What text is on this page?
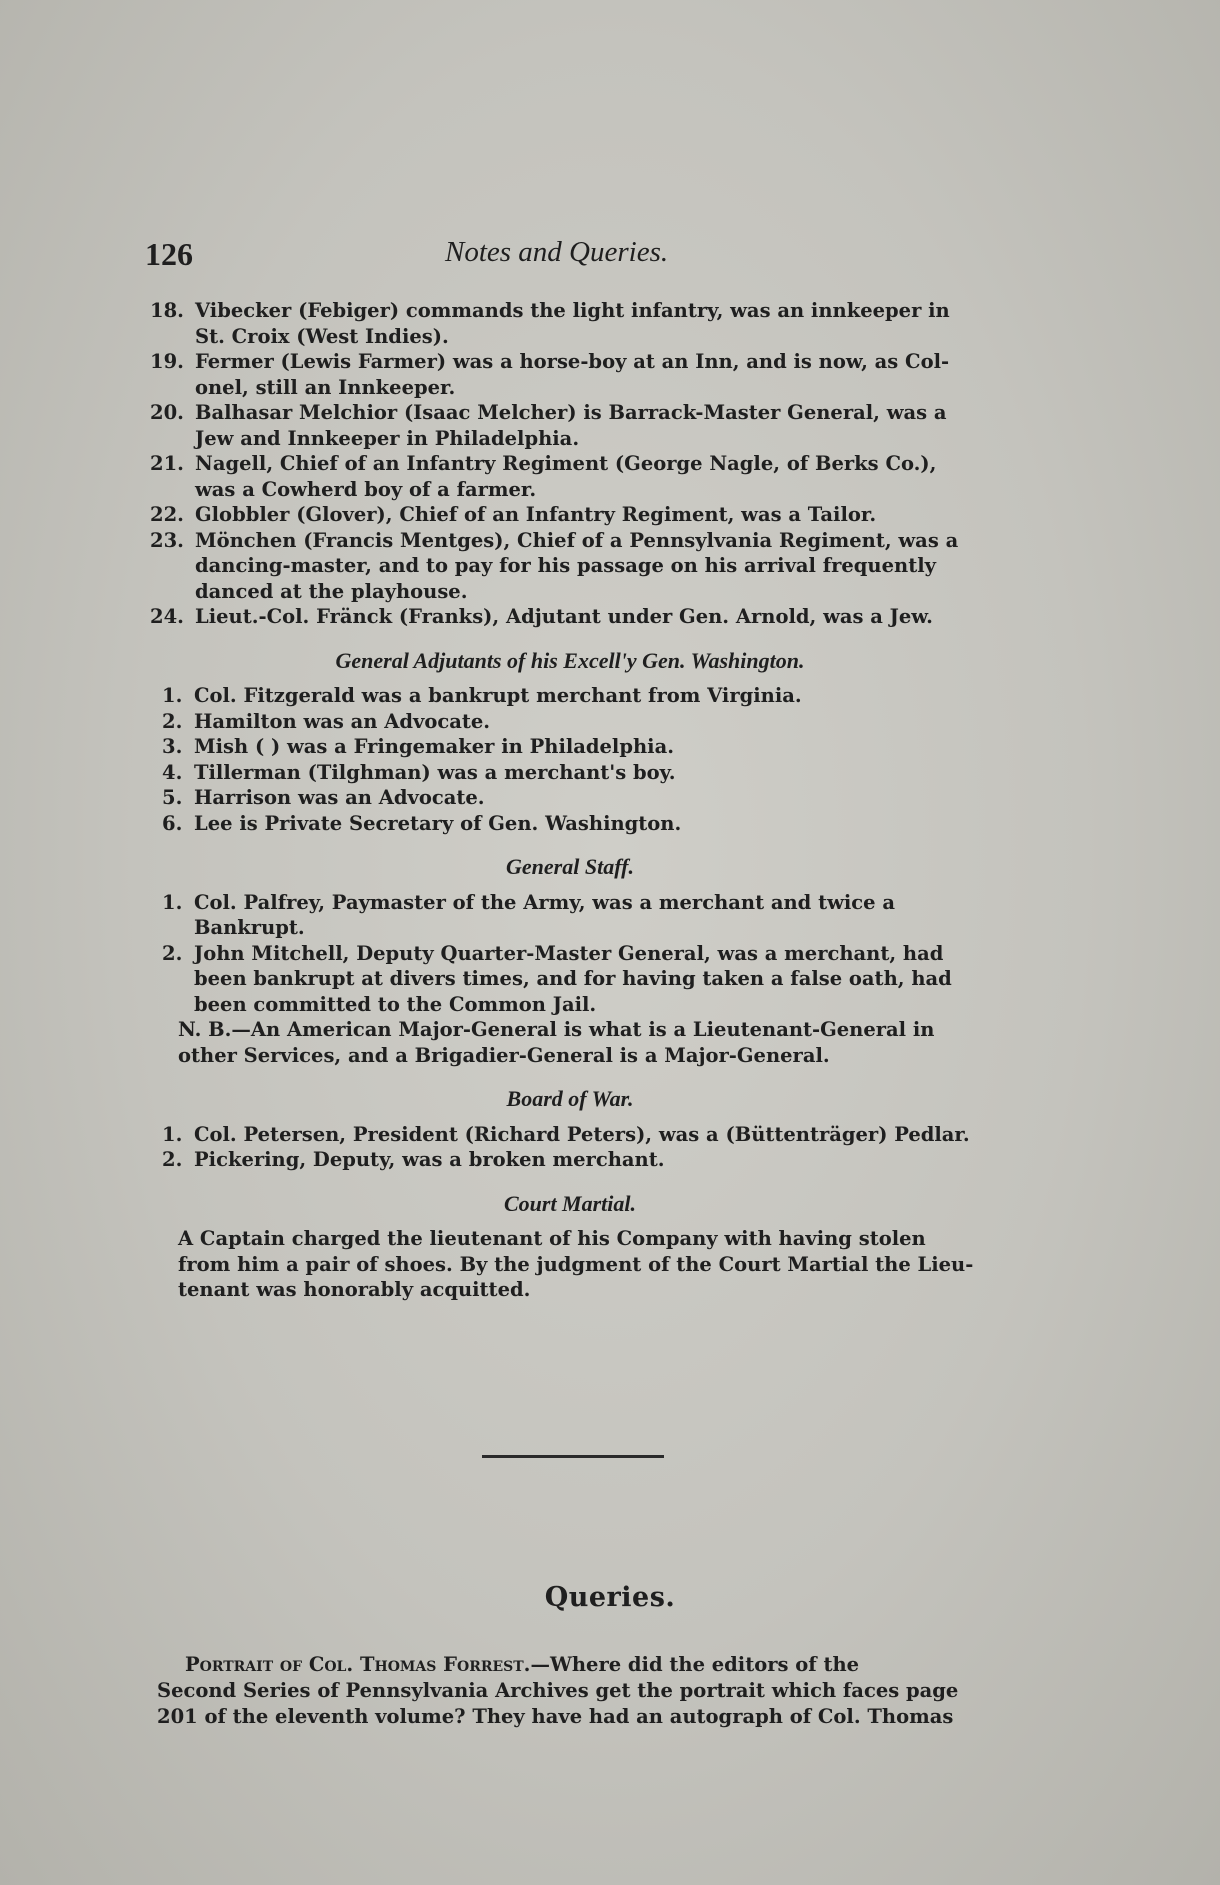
126	Notes and Queries.
18. Vibecker (Febiger) commands the light infantry, was an innkeeper in
St. Croix (West Indies).
19. Fermer (Lewis Farmer) was a horse-boy at an Inn, and is now, as Col-
onel, still an Innkeeper.
20. Balhasar Melchior (Isaac Melcher) is Barrack-Master General, was a
Jew and Innkeeper in Philadelphia.
21. Nagell, Chief of an Infantry Regiment (George Nagle, of Berks Co.),
was a Cowherd boy of a farmer.
22. Globbler (Glover), Chief of an Infantry Regiment, was a Tailor.
23. Mönchen (Francis Mentges), Chief of a Pennsylvania Regiment, was a
dancing-master, and to pay for his passage on his arrival frequently
danced at the playhouse.
24. Lieut.-Col. Fränck (Franks), Adjutant under Gen. Arnold, was a Jew.
General Adjutants of his Excell'y Gen. Washington.
1. Col. Fitzgerald was a bankrupt merchant from Virginia.
2. Hamilton was an Advocate.
3. Mish ( ) was a Fringemaker in Philadelphia.
4. Tillerman (Tilghman) was a merchant's boy.
5. Harrison was an Advocate.
6. Lee is Private Secretary of Gen. Washington.
General Staff.
1. Col. Palfrey, Paymaster of the Army, was a merchant and twice a
Bankrupt.
2. John Mitchell, Deputy Quarter-Master General, was a merchant, had
been bankrupt at divers times, and for having taken a false oath, had
been committed to the Common Jail.
N. B.—An American Major-General is what is a Lieutenant-General in
other Services, and a Brigadier-General is a Major-General.
Board of War.
1. Col. Petersen, President (Richard Peters), was a (Büttenträger) Pedlar.
2. Pickering, Deputy, was a broken merchant.
Court Martial.
A Captain charged the lieutenant of his Company with having stolen
from him a pair of shoes. By the judgment of the Court Martial the Lieu-
tenant was honorably acquitted.
Queries.
Portrait of Col. Thomas Forrest.—Where did the editors of the
Second Series of Pennsylvania Archives get the portrait which faces page
201 of the eleventh volume? They have had an autograph of Col. Thomas
